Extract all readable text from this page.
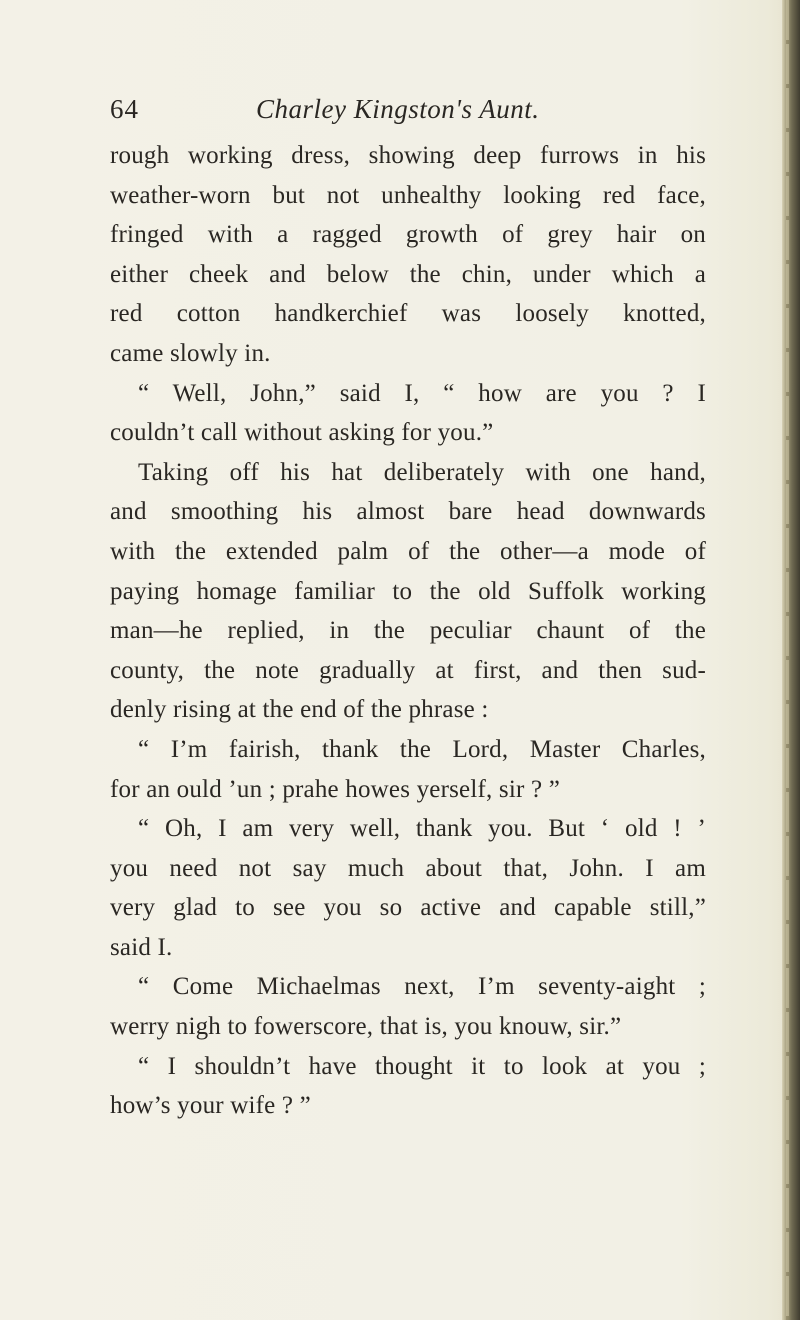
64	Charley Kingston's Aunt.
rough working dress, showing deep furrows in his
weather-worn but not unhealthy looking red face,
fringed with a ragged growth of grey hair on
either cheek and below the chin, under which a
red cotton handkerchief was loosely knotted,
came slowly in.
“ Well, John,” said I, “ how are you ? I
couldn’t call without asking for you.”
Taking off his hat deliberately with one hand,
and smoothing his almost bare head downwards
with the extended palm of the other—a mode of
paying homage familiar to the old Suffolk working
man—he replied, in the peculiar chaunt of the
county, the note gradually at first, and then sud-
denly rising at the end of the phrase :
“ I’m fairish, thank the Lord, Master Charles,
for an ould ’un ; prahe howes yerself, sir ? ”
“ Oh, I am very well, thank you. But ‘ old ! ’
you need not say much about that, John. I am
very glad to see you so active and capable still,”
said I.
“ Come Michaelmas next, I’m seventy-aight ;
werry nigh to fowerscore, that is, you knouw, sir.”
“ I shouldn’t have thought it to look at you ;
how’s your wife ? ”
